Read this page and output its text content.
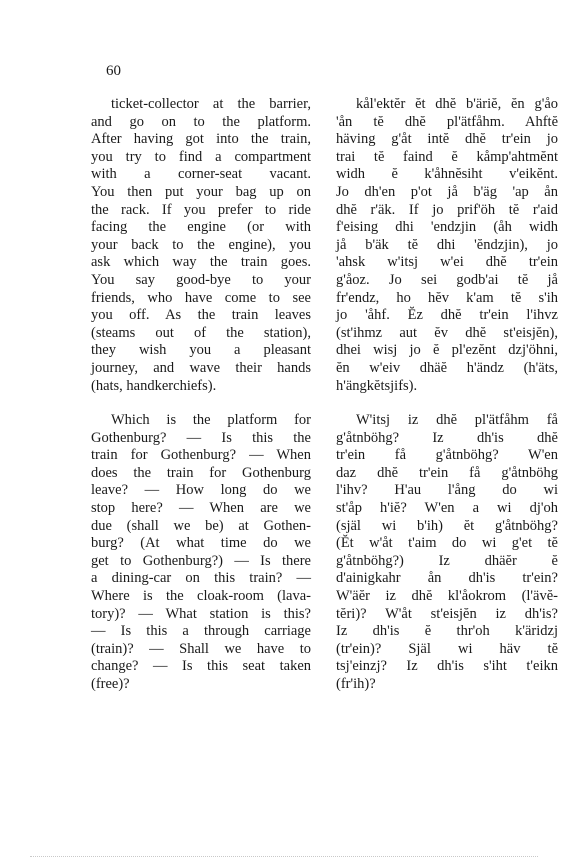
60
ticket-collector at the barrier,
and go on to the platform.
After having got into the train,
you try to find a compartment
with a corner-seat vacant.
You then put your bag up on
the rack. If you prefer to ride
facing the engine (or with
your back to the engine), you
ask which way the train goes.
You say good-bye to your
friends, who have come to see
you off. As the train leaves
(steams out of the station),
they wish you a pleasant
journey, and wave their hands
(hats, handkerchiefs).
Which is the platform for
Gothenburg? — Is this the
train for Gothenburg? — When
does the train for Gothenburg
leave? — How long do we
stop here? — When are we
due (shall we be) at Gothen-
burg? (At what time do we
get to Gothenburg?) — Is there
a dining-car on this train? —
Where is the cloak-room (lava-
tory)? — What station is this?
— Is this a through carriage
(train)? — Shall we have to
change? — Is this seat taken
(free)?
kål'ektĕr ĕt dhĕ b'äriĕ, ĕn g'åo
'ån tĕ dhĕ pl'ätfåhm. Ahftĕ
häving g'åt intĕ dhĕ tr'ein jo
trai tĕ faind ĕ kåmp'ahtmĕnt
widh ĕ k'åhnĕsiht v'eikĕnt.
Jo dh'en p'ot jå b'äg 'ap ån
dhĕ r'äk. If jo prif'öh tĕ r'aid
f'eising dhi 'endzjin (åh widh
jå b'äk tĕ dhi 'ĕndzjin), jo
'ahsk w'itsj w'ei dhĕ tr'ein
g'åoz. Jo sei godb'ai tĕ jå
fr'endz, ho hĕv k'am tĕ s'ih
jo 'åhf. Ĕz dhĕ tr'ein l'ihvz
(st'ihmz aut ĕv dhĕ st'eisjĕn),
dhei wisj jo ĕ pl'ezĕnt dzj'öhni,
ĕn w'eiv dhäĕ h'ändz (h'äts,
h'ängkĕtsjifs).
W'itsj iz dhĕ pl'ätfåhm få
g'åtnböhg? Iz dh'is dhĕ
tr'ein få g'åtnböhg? W'en
daz dhĕ tr'ein få g'åtnböhg
l'ihv? H'au l'ång do wi
st'åp h'iĕ? W'en a wi dj'oh
(själ wi b'ih) ĕt g'åtnböhg?
(Ĕt w'åt t'aim do wi g'et tĕ
g'åtnböhg?) Iz dhäĕr ĕ
d'ainigkahr ån dh'is tr'ein?
W'äĕr iz dhĕ kl'åokrom (l'ävĕ-
tĕri)? W'åt st'eisjĕn iz dh'is?
Iz dh'is ĕ thr'oh k'äridzj
(tr'ein)? Själ wi häv tĕ
tsj'einzj? Iz dh'is s'iht t'eikn
(fr'ih)?
